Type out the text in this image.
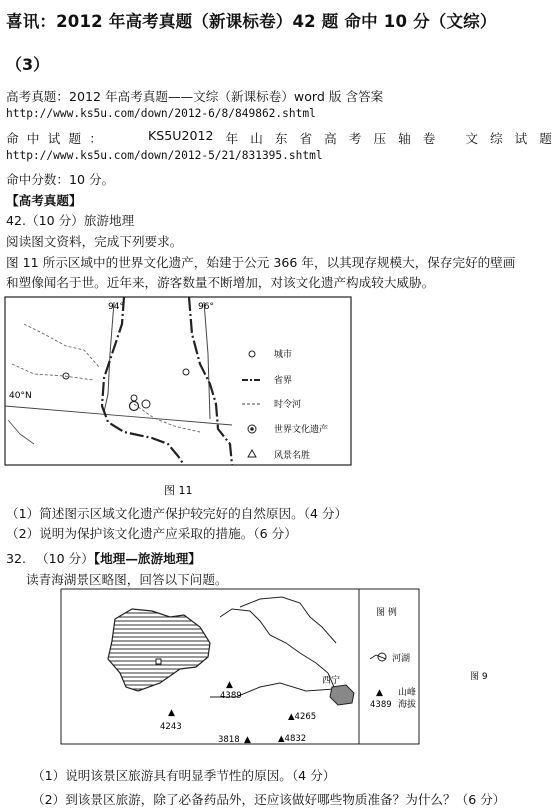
喜讯：2012 年高考真题（新课标卷）42 题 命中 10 分（文综）
（3）
高考真题：2012 年高考真题——文综（新课标卷）word 版 含答案
http://www.ks5u.com/down/2012-6/8/849862.shtml
命 中 试 题 ：	KS5U2012 年 山 东 省 高 考 压 轴 卷 文 综 试 题
http://www.ks5u.com/down/2012-5/21/831395.shtml
命中分数：10 分。
【高考真题】
42.（10 分）旅游地理
阅读图文资料，完成下列要求。
图 11 所示区域中的世界文化遗产，始建于公元 366 年，以其现存规模大，保存完好的壁画
和塑像闻名于世。近年来，游客数量不断增加，对该文化遗产构成较大威胁。
94°	96°
40°N
城市
省界
时令河
世界文化遗产
风景名胜
图 11
（1）简述图示区域文化遗产保护较完好的自然原因。（4 分）
（2）说明为保护该文化遗产应采取的措施。（6 分）
32. （10 分）【地理—旅游地理】
读青海湖景区略图，回答以下问题。
西宁
▲
4389
▲
4243
▲4265
3818 ▲	▲4832
图 例
河湖
▲
4389
山峰
海拔
图 9
（1）说明该景区旅游具有明显季节性的原因。（4 分）
（2）到该景区旅游，除了必备药品外，还应该做好哪些物质准备？为什么？（6 分）
